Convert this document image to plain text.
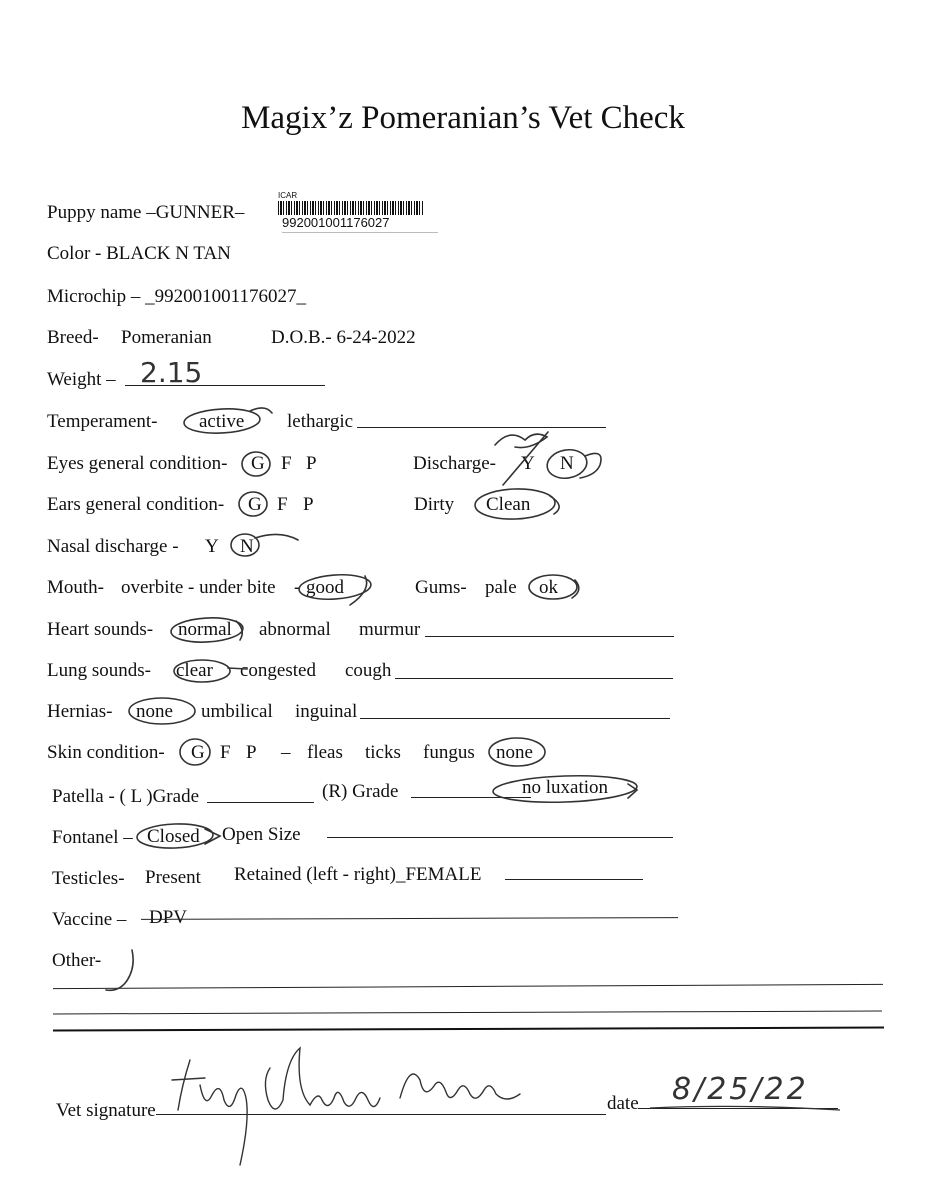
Magix’z Pomeranian’s Vet Check
ICAR
992001001176027
Puppy name –GUNNER–
Color - BLACK N TAN
Microchip – _992001001176027_
Breed- Pomeranian	D.O.B.- 6-24-2022
Weight – 2.15
Temperament- active lethargic
Eyes general condition- G F P	Discharge- Y N
Ears general condition- G F P	Dirty Clean
Nasal discharge - Y N
Mouth- overbite - under bite - good	Gums- pale ok
Heart sounds- normal abnormal murmur
Lung sounds- clear congested cough
Hernias- none umbilical inguinal
Skin condition- G F P – fleas ticks fungus none
Patella - ( L )Grade	(R) Grade	no luxation
Fontanel – Closed Open Size
Testicles- Present Retained (left - right)_FEMALE
Vaccine – DPV
Other-
Vet signature	date 8/25/22
